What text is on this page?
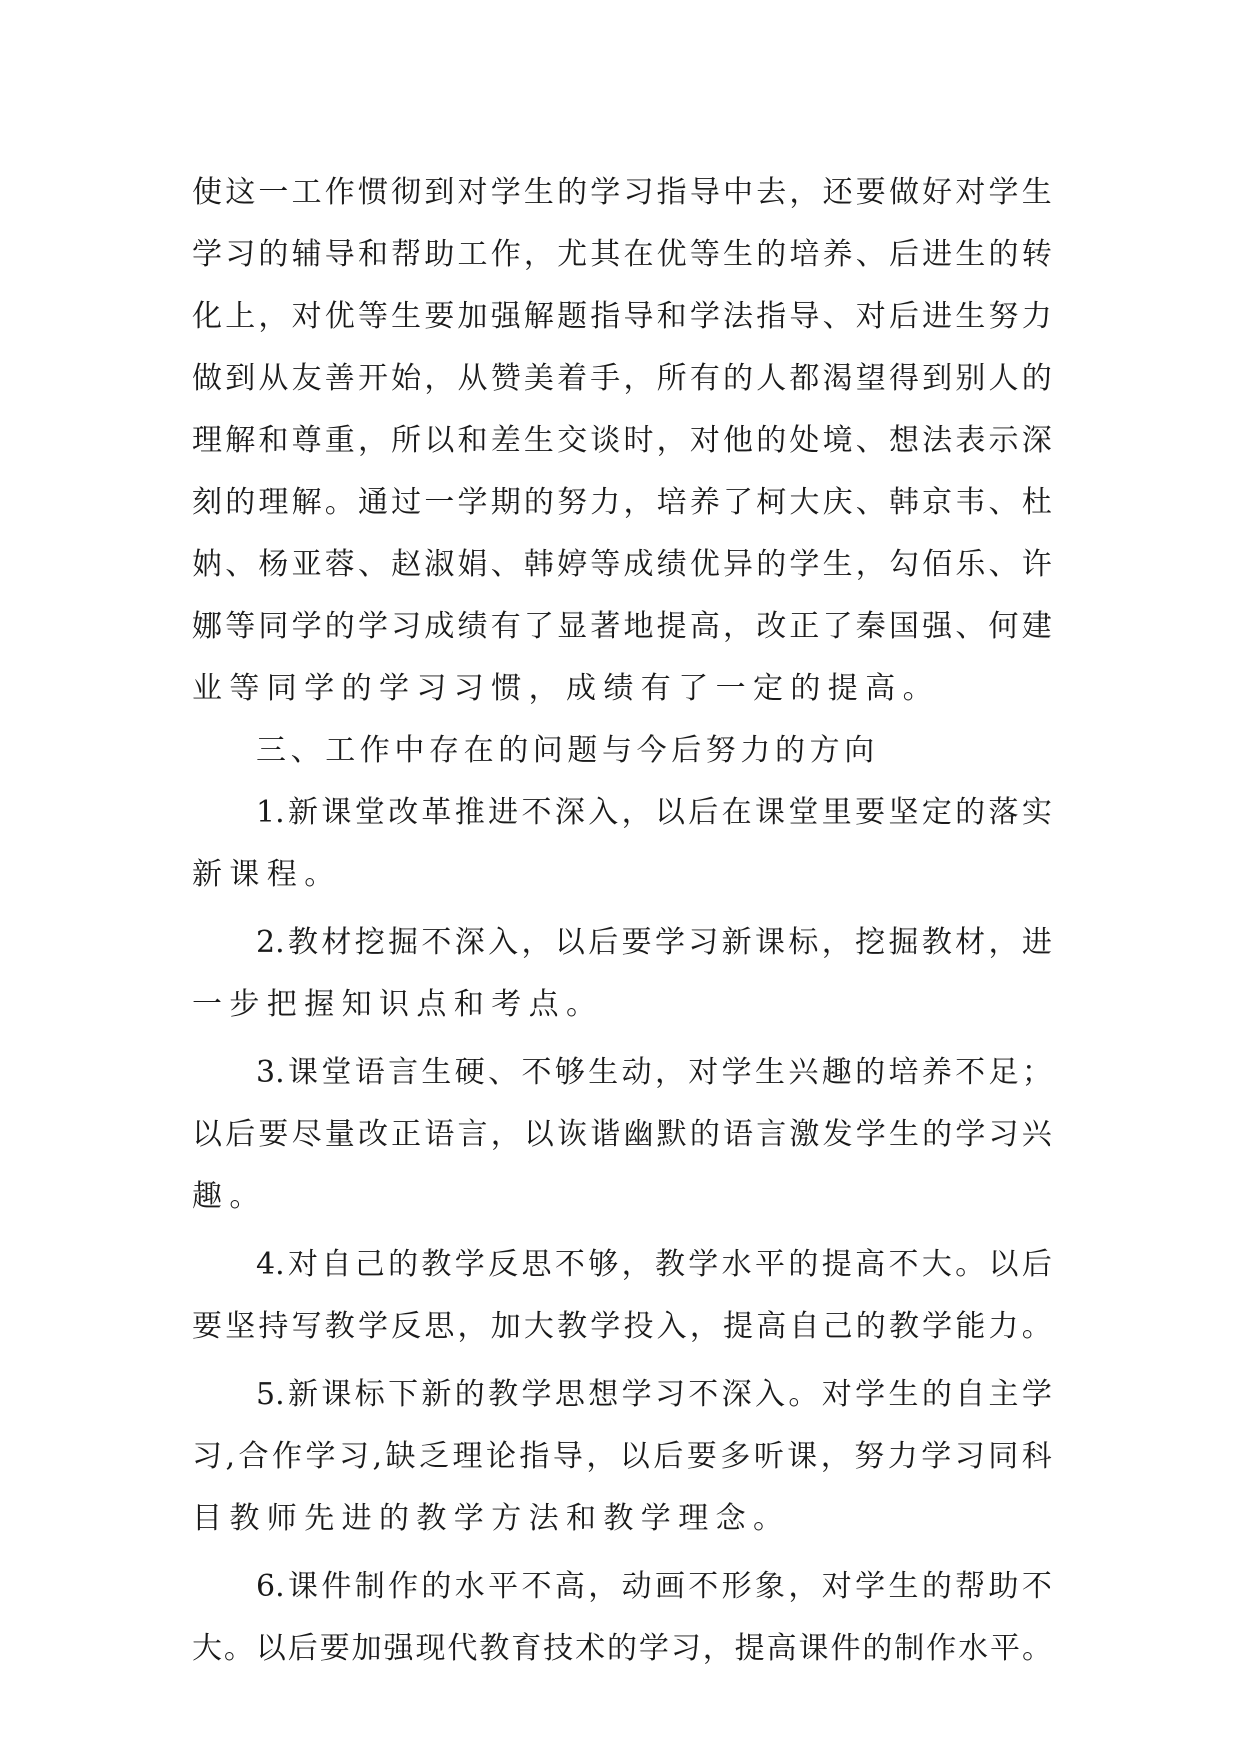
使 这 一 工 作 惯 彻 到 对 学 生 的 学 习 指 导 中 去 ， 还 要 做 好 对 学 生
学 习 的 辅 导 和 帮 助 工 作 ， 尤 其 在 优 等 生 的 培 养 、 后 进 生 的 转
化 上 ， 对 优 等 生 要 加 强 解 题 指 导 和 学 法 指 导 、 对 后 进 生 努 力
做 到 从 友 善 开 始 ， 从 赞 美 着 手 ， 所 有 的 人 都 渴 望 得 到 别 人 的
理 解 和 尊 重 ， 所 以 和 差 生 交 谈 时 ， 对 他 的 处 境 、 想 法 表 示 深
刻 的 理 解 。 通 过 一 学 期 的 努 力 ， 培 养 了 柯 大 庆 、 韩 京 韦 、 杜
妠 、 杨 亚 蓉 、 赵 淑 娟 、 韩 婷 等 成 绩 优 异 的 学 生 ， 勾 佰 乐 、 许
娜 等 同 学 的 学 习 成 绩 有 了 显 著 地 提 高 ， 改 正 了 秦 国 强 、 何 建
业等同学的学习习惯，成绩有了一定的提高。
三、工作中存在的问题与今后努力的方向
1. 新 课 堂 改 革 推 进 不 深 入 ， 以 后 在 课 堂 里 要 坚 定 的 落 实
新课程。
2. 教 材 挖 掘 不 深 入 ， 以 后 要 学 习 新 课 标 ， 挖 掘 教 材 ， 进
一步把握知识点和考点。
3. 课 堂 语 言 生 硬 、 不 够 生 动 ， 对 学 生 兴 趣 的 培 养 不 足 ；
以 后 要 尽 量 改 正 语 言 ， 以 诙 谐 幽 默 的 语 言 激 发 学 生 的 学 习 兴
趣。
4. 对 自 己 的 教 学 反 思 不 够 ， 教 学 水 平 的 提 高 不 大 。 以 后
要 坚 持 写 教 学 反 思 ， 加 大 教 学 投 入 ， 提 高 自 己 的 教 学 能 力 。
5. 新 课 标 下 新 的 教 学 思 想 学 习 不 深 入 。 对 学 生 的 自 主 学
习 , 合 作 学 习 , 缺 乏 理 论 指 导 ， 以 后 要 多 听 课 ， 努 力 学 习 同 科
目教师先进的教学方法和教学理念。
6. 课 件 制 作 的 水 平 不 高 ， 动 画 不 形 象 ， 对 学 生 的 帮 助 不
大 。 以 后 要 加 强 现 代 教 育 技 术 的 学 习 ， 提 高 课 件 的 制 作 水 平 。
